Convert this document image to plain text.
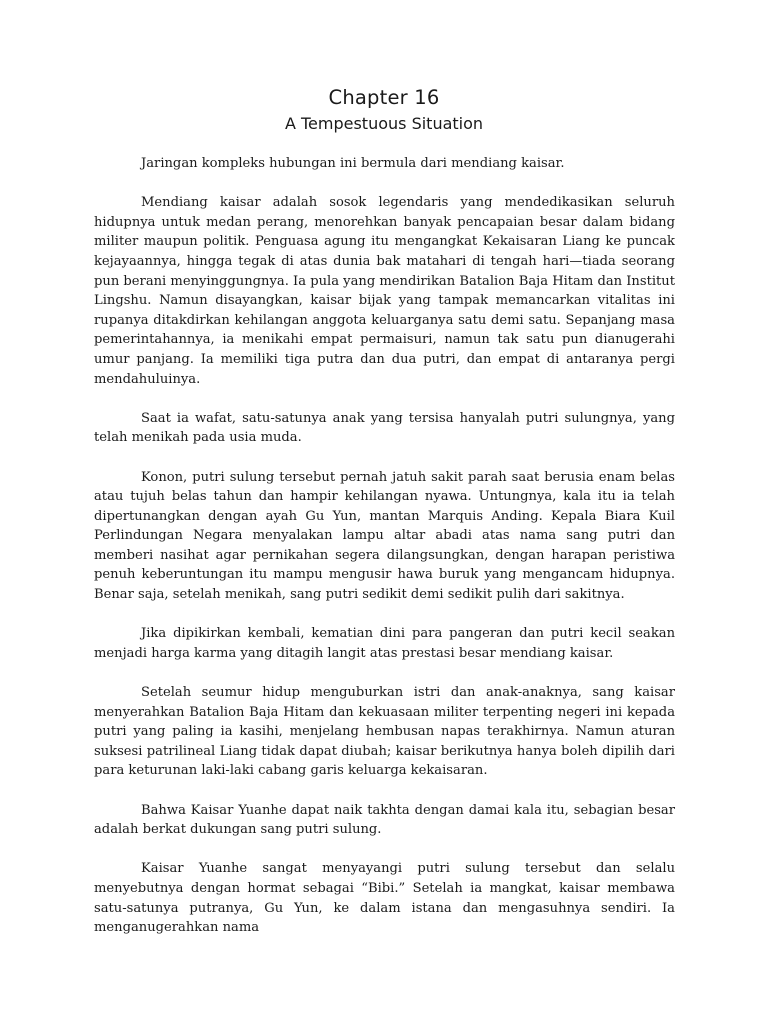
Chapter 16
A Tempestuous Situation

Jaringan kompleks hubungan ini bermula dari mendiang kaisar.

Mendiang kaisar adalah sosok legendaris yang mendedikasikan seluruh hidupnya untuk medan perang, menorehkan banyak pencapaian besar dalam bidang militer maupun politik. Penguasa agung itu mengangkat Kekaisaran Liang ke puncak kejayaannya, hingga tegak di atas dunia bak matahari di tengah hari—tiada seorang pun berani menyinggungnya. Ia pula yang mendirikan Batalion Baja Hitam dan Institut Lingshu. Namun disayangkan, kaisar bijak yang tampak memancarkan vitalitas ini rupanya ditakdirkan kehilangan anggota keluarganya satu demi satu. Sepanjang masa pemerintahannya, ia menikahi empat permaisuri, namun tak satu pun dianugerahi umur panjang. Ia memiliki tiga putra dan dua putri, dan empat di antaranya pergi mendahuluinya.

Saat ia wafat, satu-satunya anak yang tersisa hanyalah putri sulungnya, yang telah menikah pada usia muda.

Konon, putri sulung tersebut pernah jatuh sakit parah saat berusia enam belas atau tujuh belas tahun dan hampir kehilangan nyawa. Untungnya, kala itu ia telah dipertunangkan dengan ayah Gu Yun, mantan Marquis Anding. Kepala Biara Kuil Perlindungan Negara menyalakan lampu altar abadi atas nama sang putri dan memberi nasihat agar pernikahan segera dilangsungkan, dengan harapan peristiwa penuh keberuntungan itu mampu mengusir hawa buruk yang mengancam hidupnya. Benar saja, setelah menikah, sang putri sedikit demi sedikit pulih dari sakitnya.

Jika dipikirkan kembali, kematian dini para pangeran dan putri kecil seakan menjadi harga karma yang ditagih langit atas prestasi besar mendiang kaisar.

Setelah seumur hidup menguburkan istri dan anak-anaknya, sang kaisar menyerahkan Batalion Baja Hitam dan kekuasaan militer terpenting negeri ini kepada putri yang paling ia kasihi, menjelang hembusan napas terakhirnya. Namun aturan suksesi patrilineal Liang tidak dapat diubah; kaisar berikutnya hanya boleh dipilih dari para keturunan laki-laki cabang garis keluarga kekaisaran.

Bahwa Kaisar Yuanhe dapat naik takhta dengan damai kala itu, sebagian besar adalah berkat dukungan sang putri sulung.

Kaisar Yuanhe sangat menyayangi putri sulung tersebut dan selalu menyebutnya dengan hormat sebagai “Bibi.” Setelah ia mangkat, kaisar membawa satu-satunya putranya, Gu Yun, ke dalam istana dan mengasuhnya sendiri. Ia menganugerahkan nama
